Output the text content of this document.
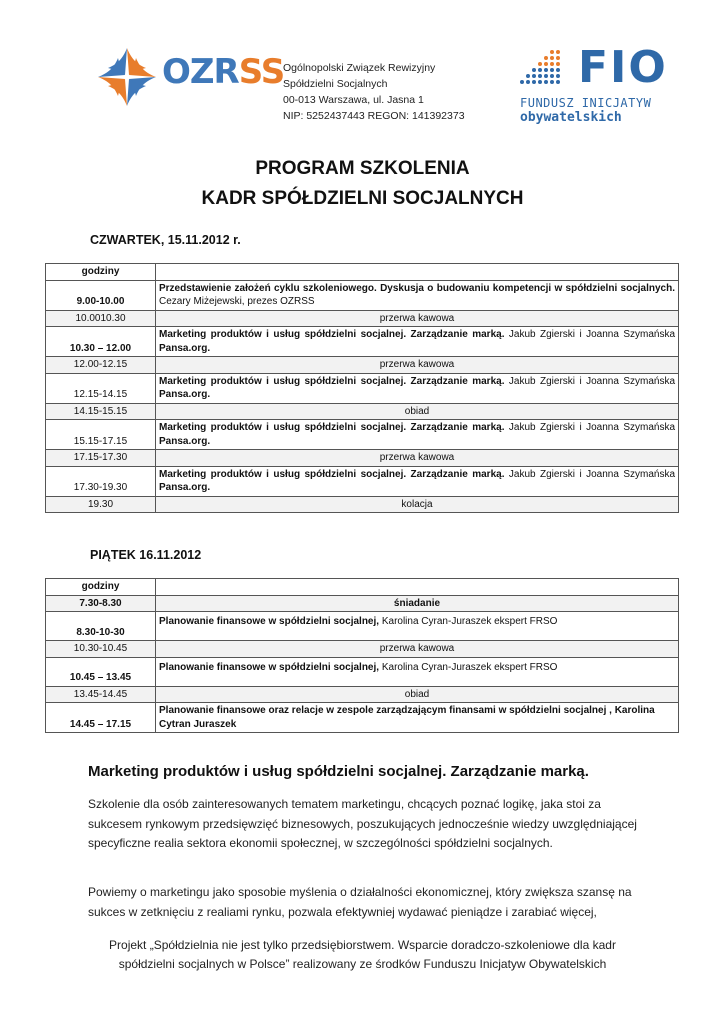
OZRSS
Ogólnopolski Związek Rewizyjny
Spółdzielni Socjalnych
00-013 Warszawa, ul. Jasna 1
NIP: 5252437443 REGON: 141392373
FIO
FUNDUSZ INICJATYW
obywatelskich
PROGRAM SZKOLENIA
KADR SPÓŁDZIELNI SOCJALNYCH
CZWARTEK, 15.11.2012 r.
godziny	
9.00-10.00	Przedstawienie założeń cyklu szkoleniowego. Dyskusja o budowaniu kompetencji w spółdzielni socjalnych. Cezary Miżejewski, prezes OZRSS
10.0010.30	przerwa kawowa
10.30 – 12.00	Marketing produktów i usług spółdzielni socjalnej. Zarządzanie marką. Jakub Zgierski i Joanna Szymańska Pansa.org.
12.00-12.15	przerwa kawowa
12.15-14.15	Marketing produktów i usług spółdzielni socjalnej. Zarządzanie marką. Jakub Zgierski i Joanna Szymańska Pansa.org.
14.15-15.15	obiad
15.15-17.15	Marketing produktów i usług spółdzielni socjalnej. Zarządzanie marką. Jakub Zgierski i Joanna Szymańska Pansa.org.
17.15-17.30	przerwa kawowa
17.30-19.30	Marketing produktów i usług spółdzielni socjalnej. Zarządzanie marką. Jakub Zgierski i Joanna Szymańska Pansa.org.
19.30	kolacja
PIĄTEK 16.11.2012
godziny	
7.30-8.30	śniadanie
8.30-10-30	Planowanie finansowe w spółdzielni socjalnej, Karolina Cyran-Juraszek ekspert FRSO
10.30-10.45	przerwa kawowa
10.45 – 13.45	Planowanie finansowe w spółdzielni socjalnej, Karolina Cyran-Juraszek ekspert FRSO
13.45-14.45	obiad
14.45 – 17.15	Planowanie finansowe oraz relacje w zespole zarządzającym finansami w spółdzielni socjalnej , Karolina Cytran Juraszek
Marketing produktów i usług spółdzielni socjalnej. Zarządzanie marką.
Szkolenie dla osób zainteresowanych tematem marketingu, chcących poznać logikę, jaka stoi za sukcesem rynkowym przedsięwzięć biznesowych, poszukujących jednocześnie wiedzy uwzględniającej specyficzne realia sektora ekonomii społecznej, w szczególności spółdzielni socjalnych.
Powiemy o marketingu jako sposobie myślenia o działalności ekonomicznej, który zwiększa szansę na sukces w zetknięciu z realiami rynku, pozwala efektywniej wydawać pieniądze i zarabiać więcej,
Projekt „Spółdzielnia nie jest tylko przedsiębiorstwem. Wsparcie doradczo-szkoleniowe dla kadr spółdzielni socjalnych w Polsce” realizowany ze środków Funduszu Inicjatyw Obywatelskich
